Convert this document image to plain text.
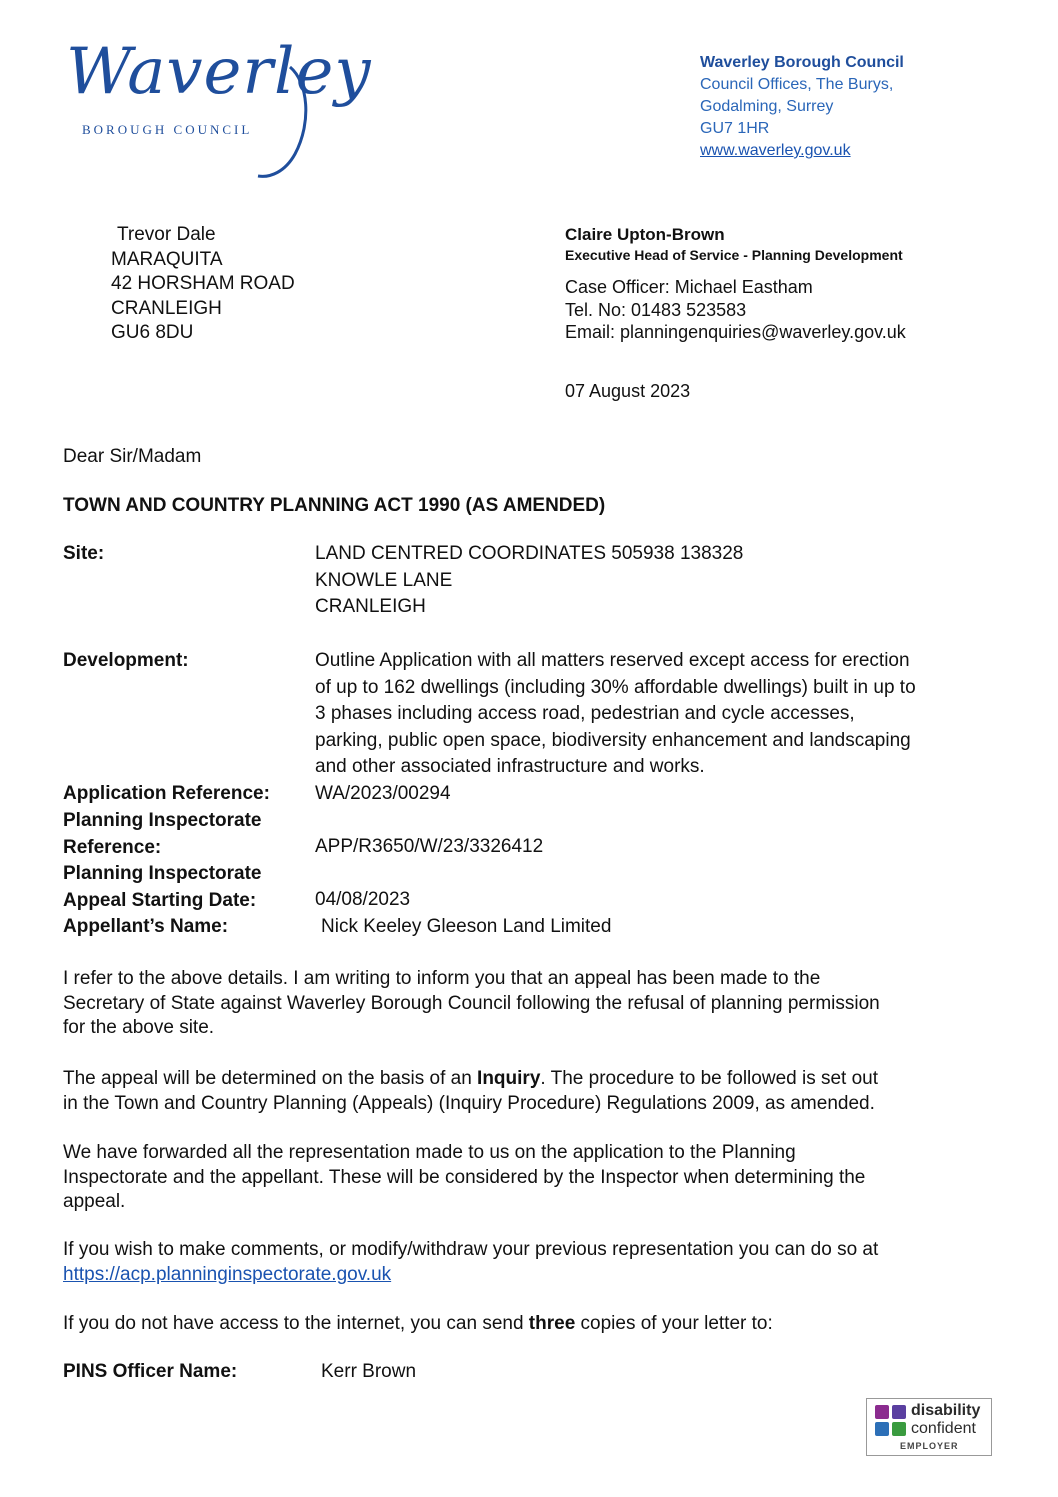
Waverley
BOROUGH COUNCIL
Waverley Borough Council
Council Offices, The Burys,
Godalming, Surrey
GU7 1HR
www.waverley.gov.uk
Trevor Dale
MARAQUITA
42 HORSHAM ROAD
CRANLEIGH
GU6 8DU
Claire Upton-Brown
Executive Head of Service - Planning Development
Case Officer: Michael Eastham
Tel. No: 01483 523583
Email: planningenquiries@waverley.gov.uk
07 August 2023
Dear Sir/Madam
TOWN AND COUNTRY PLANNING ACT 1990 (AS AMENDED)
Site:	LAND CENTRED COORDINATES 505938 138328
KNOWLE LANE
CRANLEIGH
Development:	Outline Application with all matters reserved except access for erection
of up to 162 dwellings (including 30% affordable dwellings) built in up to
3 phases including access road, pedestrian and cycle accesses,
parking, public open space, biodiversity enhancement and landscaping
and other associated infrastructure and works.
Application Reference: WA/2023/00294
Planning Inspectorate
Reference:	APP/R3650/W/23/3326412
Planning Inspectorate
Appeal Starting Date:	04/08/2023
Appellant’s Name:	Nick Keeley Gleeson Land Limited
I refer to the above details. I am writing to inform you that an appeal has been made to the
Secretary of State against Waverley Borough Council following the refusal of planning permission
for the above site.
The appeal will be determined on the basis of an Inquiry. The procedure to be followed is set out
in the Town and Country Planning (Appeals) (Inquiry Procedure) Regulations 2009, as amended.
We have forwarded all the representation made to us on the application to the Planning
Inspectorate and the appellant. These will be considered by the Inspector when determining the
appeal.
If you wish to make comments, or modify/withdraw your previous representation you can do so at
https://acp.planninginspectorate.gov.uk
If you do not have access to the internet, you can send three copies of your letter to:
PINS Officer Name:	Kerr Brown
disability
confident
EMPLOYER
